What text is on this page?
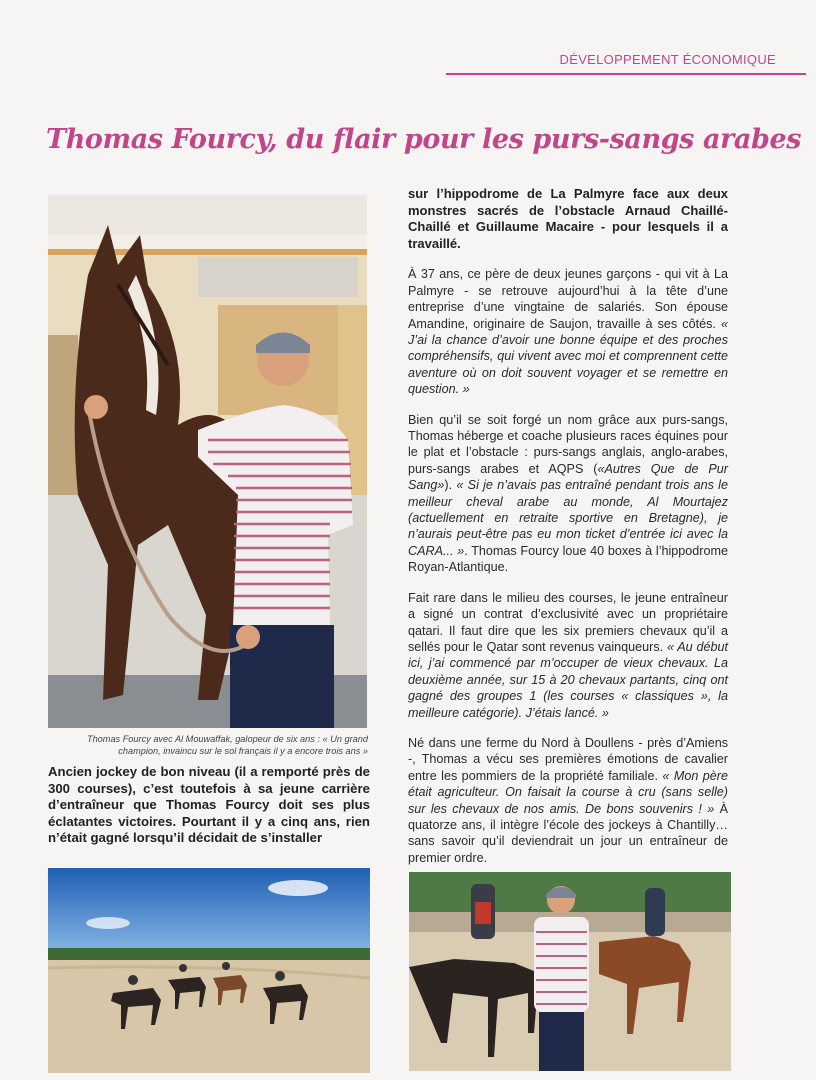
DÉVELOPPEMENT ÉCONOMIQUE
Thomas Fourcy, du flair pour les purs-sangs arabes
Thomas Fourcy avec Al Mouwaffak, galopeur de six ans : « Un grand champion, invaincu sur le sol français il y a encore trois ans »

Ancien jockey de bon niveau (il a remporté près de 300 courses), c’est toutefois à sa jeune carrière d’entraîneur que Thomas Fourcy doit ses plus éclatantes victoires. Pourtant il y a cinq ans, rien n’était gagné lorsqu’il décidait de s’installer

sur l’hippodrome de La Palmyre face aux deux monstres sacrés de l’obstacle Arnaud Chaillé-Chaillé et Guillaume Macaire - pour lesquels il a travaillé.

À 37 ans, ce père de deux jeunes garçons - qui vit à La Palmyre - se retrouve aujourd’hui à la tête d’une entreprise d’une vingtaine de salariés. Son épouse Amandine, originaire de Saujon, travaille à ses côtés. « J’ai la chance d’avoir une bonne équipe et des proches compréhensifs, qui vivent avec moi et comprennent cette aventure où on doit souvent voyager et se remettre en question. »

Bien qu’il se soit forgé un nom grâce aux purs-sangs, Thomas héberge et coache plusieurs races équines pour le plat et l’obstacle : purs-sangs anglais, anglo-arabes, purs-sangs arabes et AQPS («Autres Que de Pur Sang»). « Si je n’avais pas entraîné pendant trois ans le meilleur cheval arabe au monde, Al Mourtajez (actuellement en retraite sportive en Bretagne), je n’aurais peut-être pas eu mon ticket d’entrée ici avec la CARA... ». Thomas Fourcy loue 40 boxes à l’hippodrome Royan-Atlantique.

Fait rare dans le milieu des courses, le jeune entraîneur a signé un contrat d’exclusivité avec un propriétaire qatari. Il faut dire que les six premiers chevaux qu’il a sellés pour le Qatar sont revenus vainqueurs. « Au début ici, j’ai commencé par m’occuper de vieux chevaux. La deuxième année, sur 15 à 20 chevaux partants, cinq ont gagné des groupes 1 (les courses « classiques », la meilleure catégorie). J’étais lancé. »

Né dans une ferme du Nord à Doullens - près d’Amiens -, Thomas a vécu ses premières émotions de cavalier entre les pommiers de la propriété familiale. « Mon père était agriculteur. On faisait la course à cru (sans selle) sur les chevaux de nos amis. De bons souvenirs ! » À quatorze ans, il intègre l’école des jockeys à Chantilly… sans savoir qu’il deviendrait un jour un entraîneur de premier ordre.
